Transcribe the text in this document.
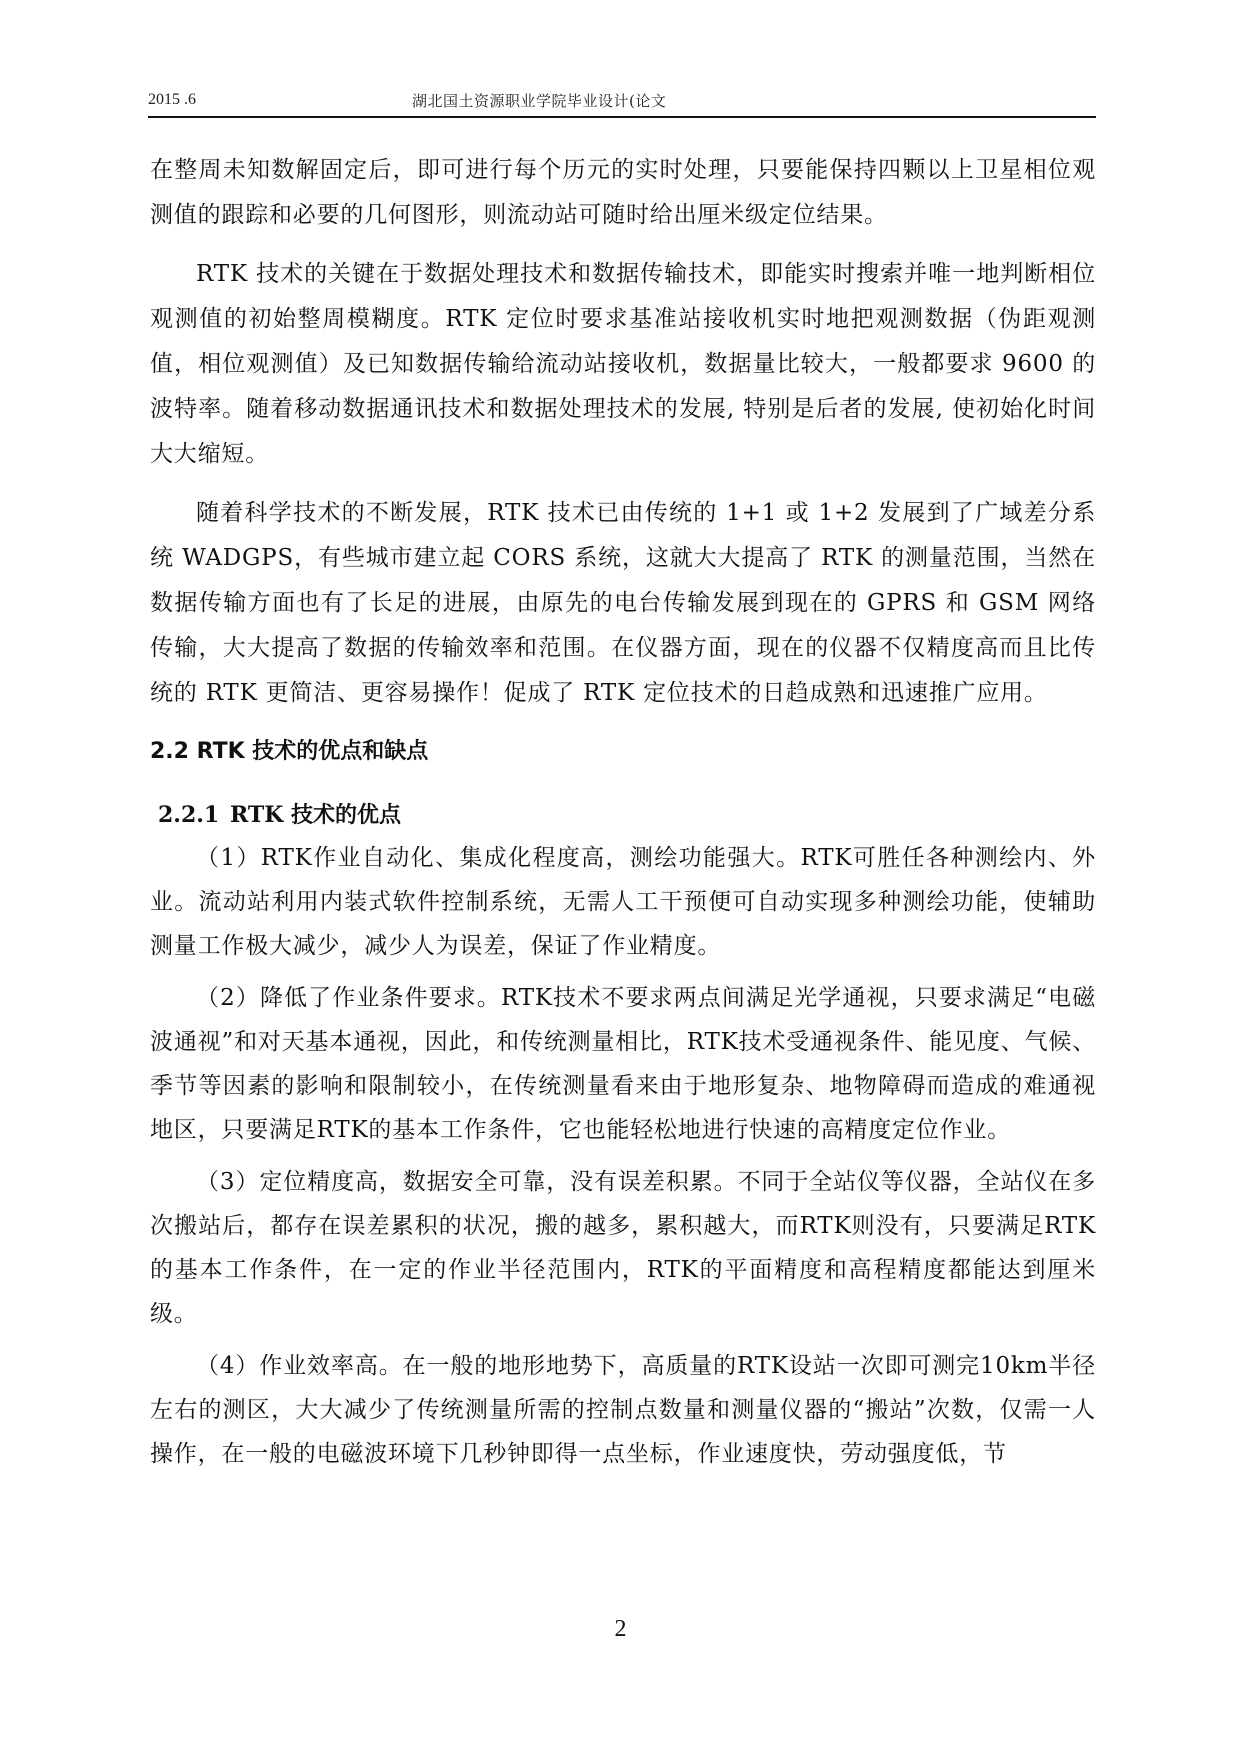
2015 .6	湖北国土资源职业学院毕业设计(论文

在整周未知数解固定后，即可进行每个历元的实时处理，只要能保持四颗以上卫星相位观测值的跟踪和必要的几何图形，则流动站可随时给出厘米级定位结果。

RTK 技术的关键在于数据处理技术和数据传输技术，即能实时搜索并唯一地判断相位观测值的初始整周模糊度。RTK 定位时要求基准站接收机实时地把观测数据（伪距观测值，相位观测值）及已知数据传输给流动站接收机，数据量比较大，一般都要求 9600 的波特率。随着移动数据通讯技术和数据处理技术的发展, 特别是后者的发展, 使初始化时间大大缩短。

随着科学技术的不断发展，RTK 技术已由传统的 1+1 或 1+2 发展到了广域差分系统 WADGPS，有些城市建立起 CORS 系统，这就大大提高了 RTK 的测量范围，当然在数据传输方面也有了长足的进展，由原先的电台传输发展到现在的 GPRS 和 GSM 网络传输，大大提高了数据的传输效率和范围。在仪器方面，现在的仪器不仅精度高而且比传统的 RTK 更简洁、更容易操作！促成了 RTK 定位技术的日趋成熟和迅速推广应用。

2.2 RTK 技术的优点和缺点
2.2.1 RTK 技术的优点

（1）RTK作业自动化、集成化程度高，测绘功能强大。RTK可胜任各种测绘内、外业。流动站利用内装式软件控制系统，无需人工干预便可自动实现多种测绘功能，使辅助测量工作极大减少，减少人为误差，保证了作业精度。

（2）降低了作业条件要求。RTK技术不要求两点间满足光学通视，只要求满足“电磁波通视”和对天基本通视，因此，和传统测量相比，RTK技术受通视条件、能见度、气候、季节等因素的影响和限制较小，在传统测量看来由于地形复杂、地物障碍而造成的难通视地区，只要满足RTK的基本工作条件，它也能轻松地进行快速的高精度定位作业。

（3）定位精度高，数据安全可靠，没有误差积累。不同于全站仪等仪器，全站仪在多次搬站后，都存在误差累积的状况，搬的越多，累积越大，而RTK则没有，只要满足RTK的基本工作条件，在一定的作业半径范围内，RTK的平面精度和高程精度都能达到厘米级。

（4）作业效率高。在一般的地形地势下，高质量的RTK设站一次即可测完10km半径左右的测区，大大减少了传统测量所需的控制点数量和测量仪器的“搬站”次数，仅需一人操作，在一般的电磁波环境下几秒钟即得一点坐标，作业速度快，劳动强度低，节

2
